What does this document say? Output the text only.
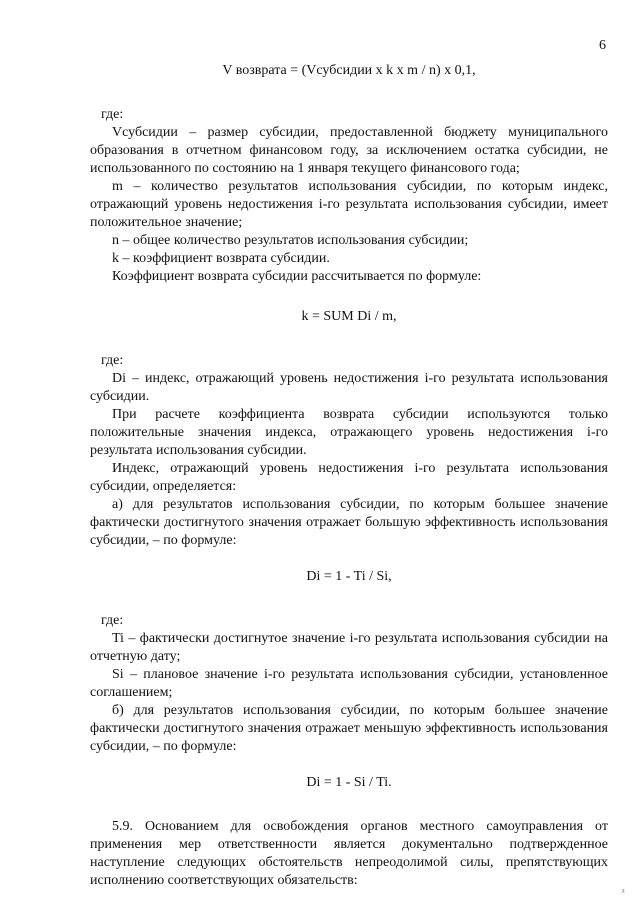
6

V возврата = (Vсубсидии x k x m / n) x 0,1,

где:

Vсубсидии – размер субсидии, предоставленной бюджету муниципального образования в отчетном финансовом году, за исключением остатка субсидии, не использованного по состоянию на 1 января текущего финансового года;

m – количество результатов использования субсидии, по которым индекс, отражающий уровень недостижения i-го результата использования субсидии, имеет положительное значение;

n – общее количество результатов использования субсидии;

k – коэффициент возврата субсидии.

Коэффициент возврата субсидии рассчитывается по формуле:

k = SUM Di / m,

где:

Di – индекс, отражающий уровень недостижения i-го результата использования субсидии.

При расчете коэффициента возврата субсидии используются только положительные значения индекса, отражающего уровень недостижения i-го результата использования субсидии.

Индекс, отражающий уровень недостижения i-го результата использования субсидии, определяется:

а) для результатов использования субсидии, по которым большее значение фактически достигнутого значения отражает большую эффективность использования субсидии, – по формуле:

Di = 1 - Ti / Si,

где:

Ti – фактически достигнутое значение i-го результата использования субсидии на отчетную дату;

Si – плановое значение i-го результата использования субсидии, установленное соглашением;

б) для результатов использования субсидии, по которым большее значение фактически достигнутого значения отражает меньшую эффективность использования субсидии, – по формуле:

Di = 1 - Si / Ti.

5.9. Основанием для освобождения органов местного самоуправления от применения мер ответственности является документально подтвержденное наступление следующих обстоятельств непреодолимой силы, препятствующих исполнению соответствующих обязательств:

ᶻ
